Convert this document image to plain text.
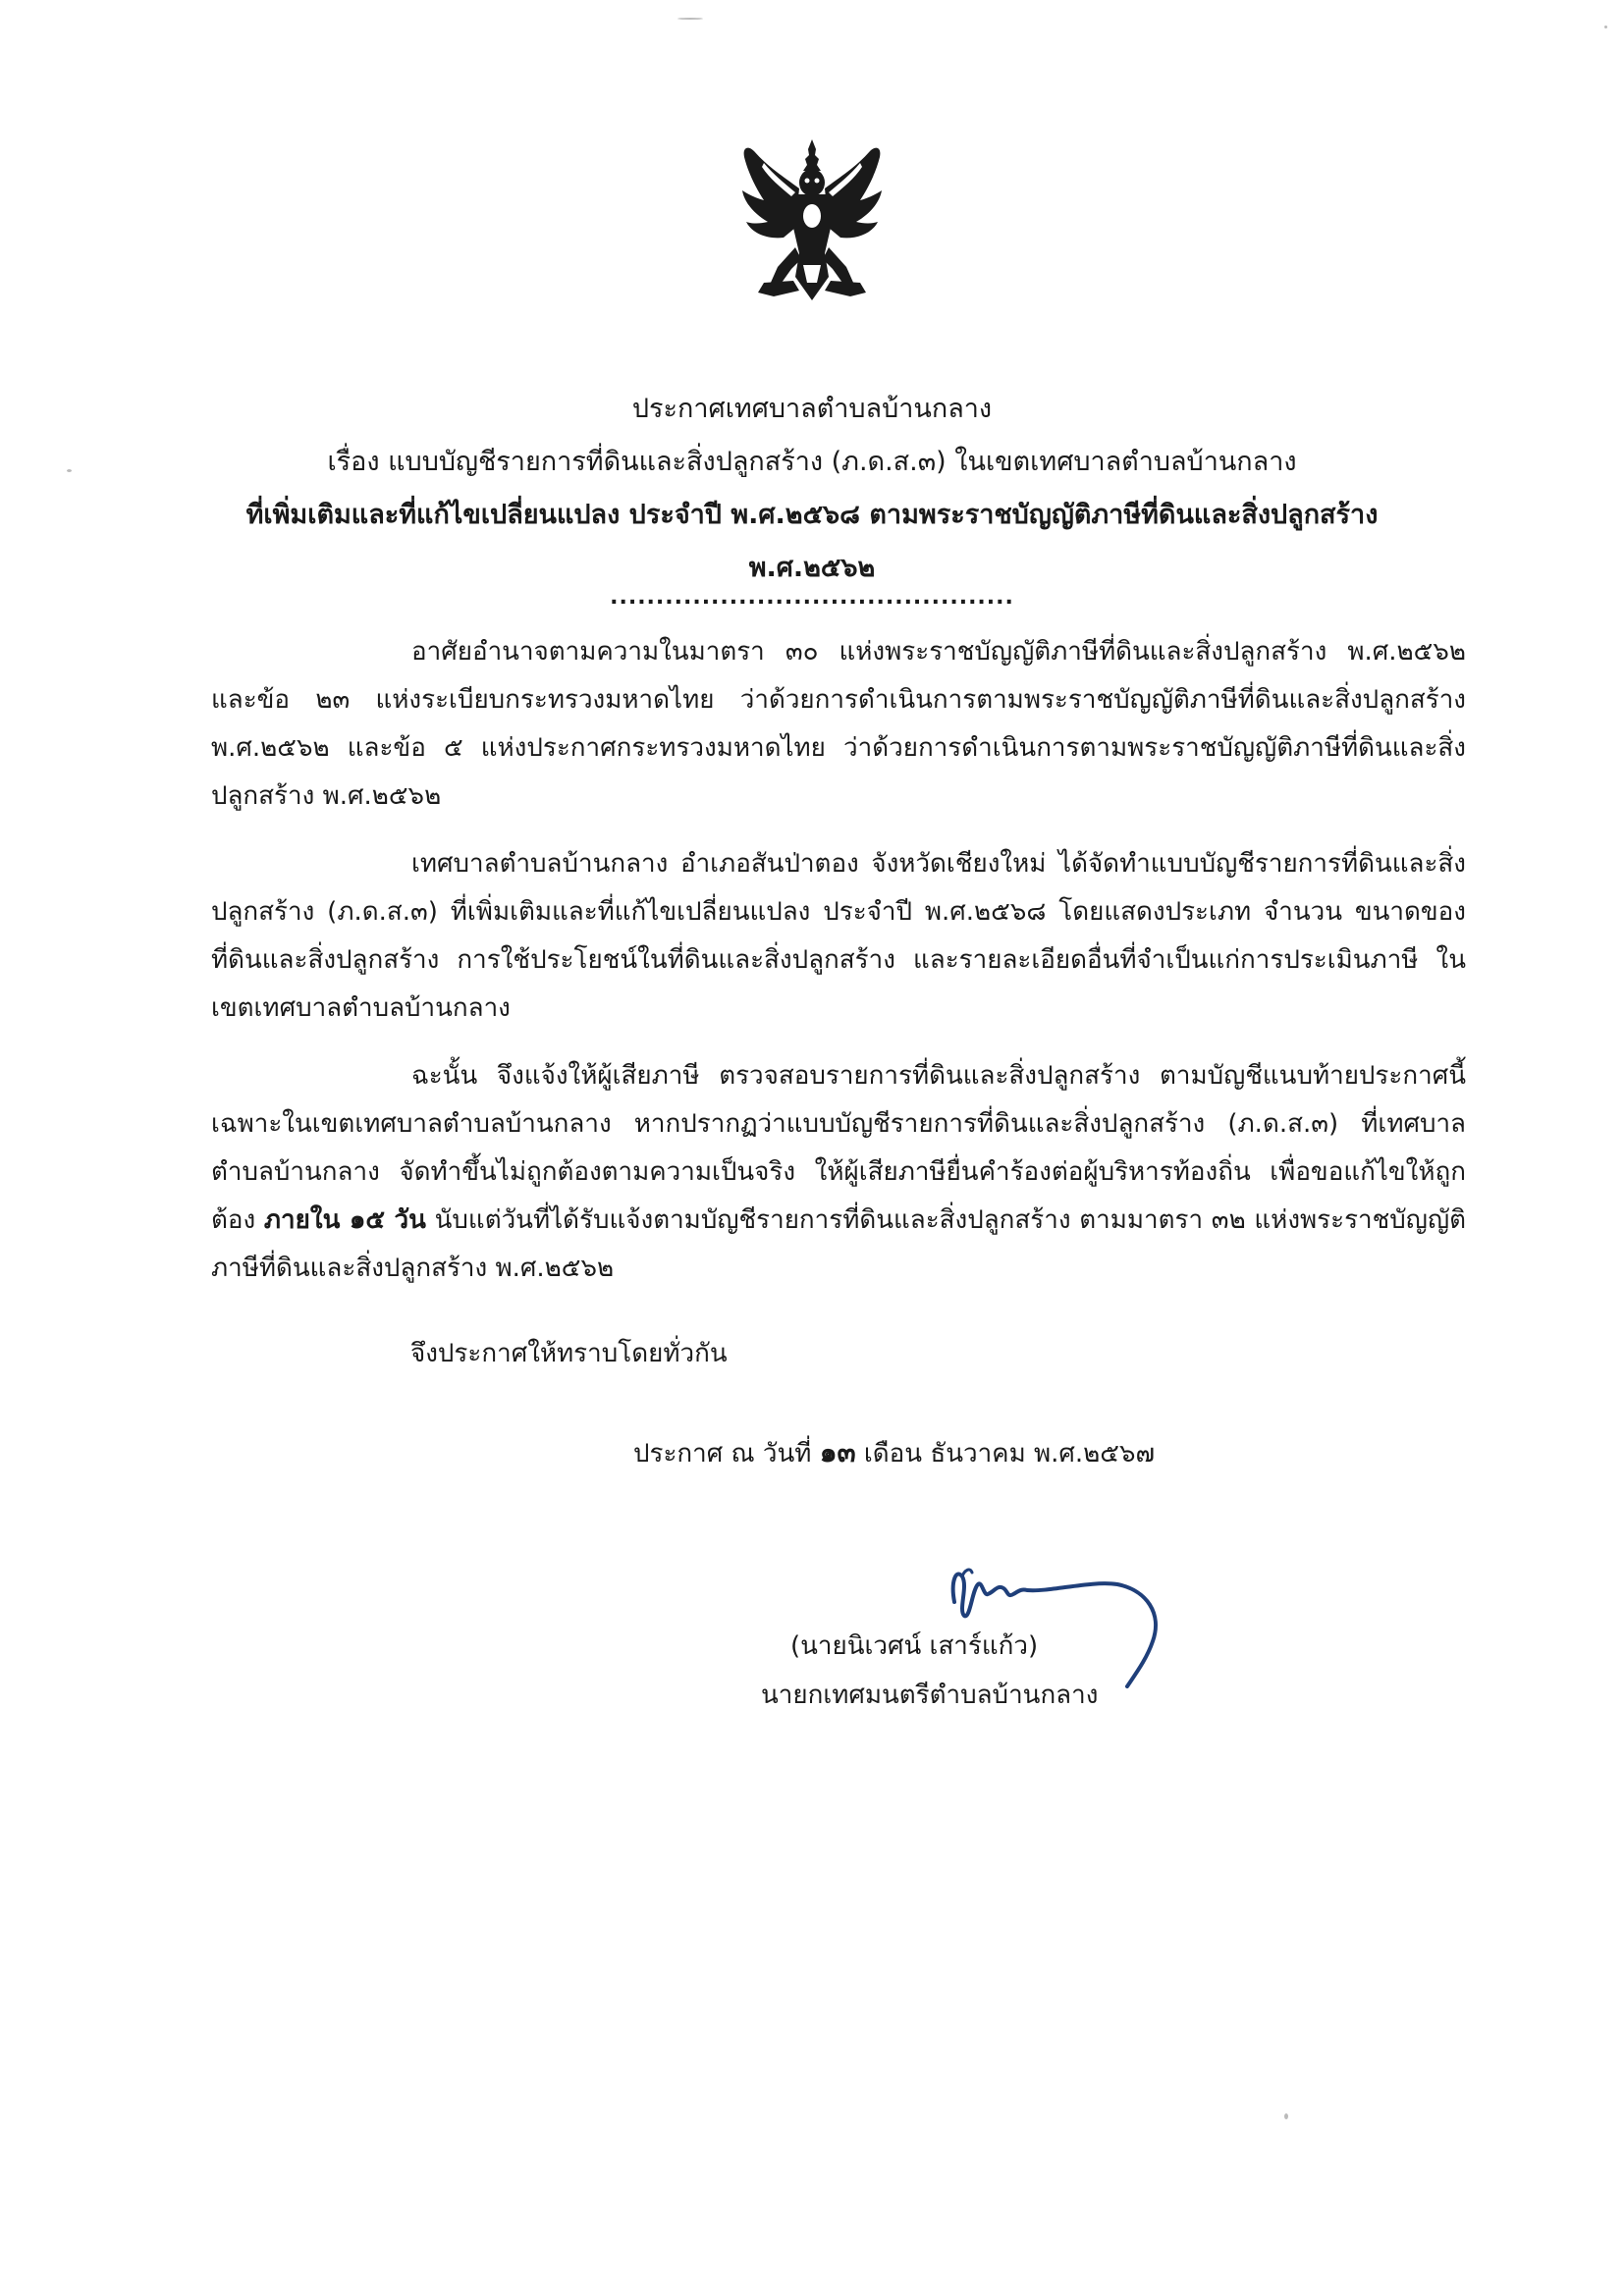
ประกาศเทศบาลตำบลบ้านกลาง
เรื่อง แบบบัญชีรายการที่ดินและสิ่งปลูกสร้าง (ภ.ด.ส.๓) ในเขตเทศบาลตำบลบ้านกลาง
ที่เพิ่มเติมและที่แก้ไขเปลี่ยนแปลง ประจำปี พ.ศ.๒๕๖๘ ตามพระราชบัญญัติภาษีที่ดินและสิ่งปลูกสร้าง
พ.ศ.๒๕๖๒
............................................

อาศัยอำนาจตามความในมาตรา ๓๐ แห่งพระราชบัญญัติภาษีที่ดินและสิ่งปลูกสร้าง พ.ศ.๒๕๖๒ และข้อ ๒๓ แห่งระเบียบกระทรวงมหาดไทย ว่าด้วยการดำเนินการตามพระราชบัญญัติภาษีที่ดินและสิ่งปลูกสร้าง พ.ศ.๒๕๖๒ และข้อ ๕ แห่งประกาศกระทรวงมหาดไทย ว่าด้วยการดำเนินการตามพระราชบัญญัติภาษีที่ดินและสิ่งปลูกสร้าง พ.ศ.๒๕๖๒

เทศบาลตำบลบ้านกลาง อำเภอสันป่าตอง จังหวัดเชียงใหม่ ได้จัดทำแบบบัญชีรายการที่ดินและสิ่งปลูกสร้าง (ภ.ด.ส.๓) ที่เพิ่มเติมและที่แก้ไขเปลี่ยนแปลง ประจำปี พ.ศ.๒๕๖๘ โดยแสดงประเภท จำนวน ขนาดของที่ดินและสิ่งปลูกสร้าง การใช้ประโยชน์ในที่ดินและสิ่งปลูกสร้าง และรายละเอียดอื่นที่จำเป็นแก่การประเมินภาษี ในเขตเทศบาลตำบลบ้านกลาง

ฉะนั้น จึงแจ้งให้ผู้เสียภาษี ตรวจสอบรายการที่ดินและสิ่งปลูกสร้าง ตามบัญชีแนบท้ายประกาศนี้ เฉพาะในเขตเทศบาลตำบลบ้านกลาง หากปรากฏว่าแบบบัญชีรายการที่ดินและสิ่งปลูกสร้าง (ภ.ด.ส.๓) ที่เทศบาลตำบลบ้านกลาง จัดทำขึ้นไม่ถูกต้องตามความเป็นจริง ให้ผู้เสียภาษียื่นคำร้องต่อผู้บริหารท้องถิ่น เพื่อขอแก้ไขให้ถูกต้อง ภายใน ๑๕ วัน นับแต่วันที่ได้รับแจ้งตามบัญชีรายการที่ดินและสิ่งปลูกสร้าง ตามมาตรา ๓๒ แห่งพระราชบัญญัติภาษีที่ดินและสิ่งปลูกสร้าง พ.ศ.๒๕๖๒

จึงประกาศให้ทราบโดยทั่วกัน
ประกาศ ณ วันที่ ๑๓ เดือน ธันวาคม พ.ศ.๒๕๖๗
(นายนิเวศน์ เสาร์แก้ว)
นายกเทศมนตรีตำบลบ้านกลาง
